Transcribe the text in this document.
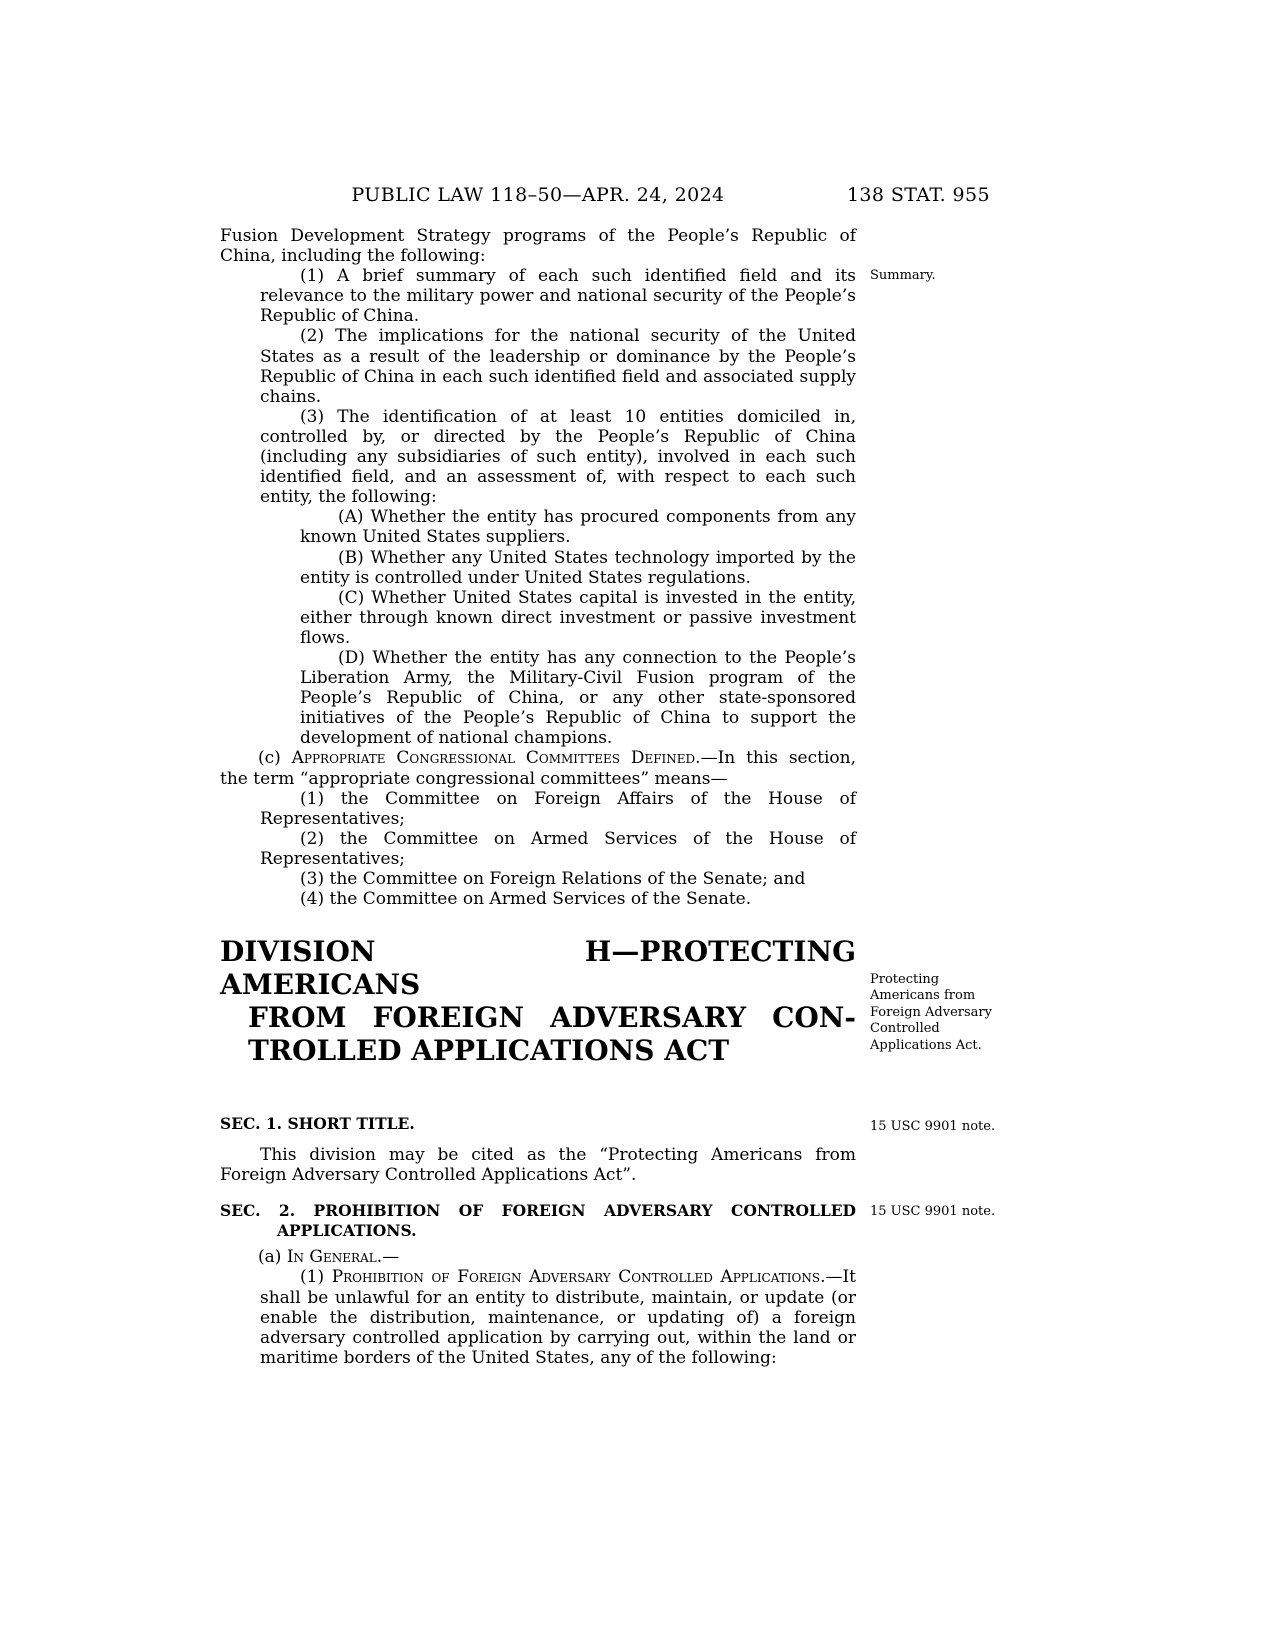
PUBLIC LAW 118–50—APR. 24, 2024	138 STAT. 955
Fusion Development Strategy programs of the People’s Republic of China, including the following:
(1) A brief summary of each such identified field and its relevance to the military power and national security of the People’s Republic of China.
(2) The implications for the national security of the United States as a result of the leadership or dominance by the People’s Republic of China in each such identified field and associated supply chains.
(3) The identification of at least 10 entities domiciled in, controlled by, or directed by the People’s Republic of China (including any subsidiaries of such entity), involved in each such identified field, and an assessment of, with respect to each such entity, the following:
(A) Whether the entity has procured components from any known United States suppliers.
(B) Whether any United States technology imported by the entity is controlled under United States regulations.
(C) Whether United States capital is invested in the entity, either through known direct investment or passive investment flows.
(D) Whether the entity has any connection to the People’s Liberation Army, the Military-Civil Fusion program of the People’s Republic of China, or any other state-sponsored initiatives of the People’s Republic of China to support the development of national champions.
(c) Appropriate Congressional Committees Defined.—In this section, the term “appropriate congressional committees” means—
(1) the Committee on Foreign Affairs of the House of Representatives;
(2) the Committee on Armed Services of the House of Representatives;
(3) the Committee on Foreign Relations of the Senate; and
(4) the Committee on Armed Services of the Senate.
DIVISION H—PROTECTING AMERICANS
FROM FOREIGN ADVERSARY CON-
TROLLED APPLICATIONS ACT
SEC. 1. SHORT TITLE.
This division may be cited as the “Protecting Americans from Foreign Adversary Controlled Applications Act”.
SEC. 2. PROHIBITION OF FOREIGN ADVERSARY CONTROLLED
APPLICATIONS.
(a) In General.—
(1) Prohibition of Foreign Adversary Controlled Applications.—It shall be unlawful for an entity to distribute, maintain, or update (or enable the distribution, maintenance, or updating of) a foreign adversary controlled application by carrying out, within the land or maritime borders of the United States, any of the following:
Summary.
Protecting Americans from Foreign Adversary Controlled Applications Act.
15 USC 9901 note.
15 USC 9901 note.
